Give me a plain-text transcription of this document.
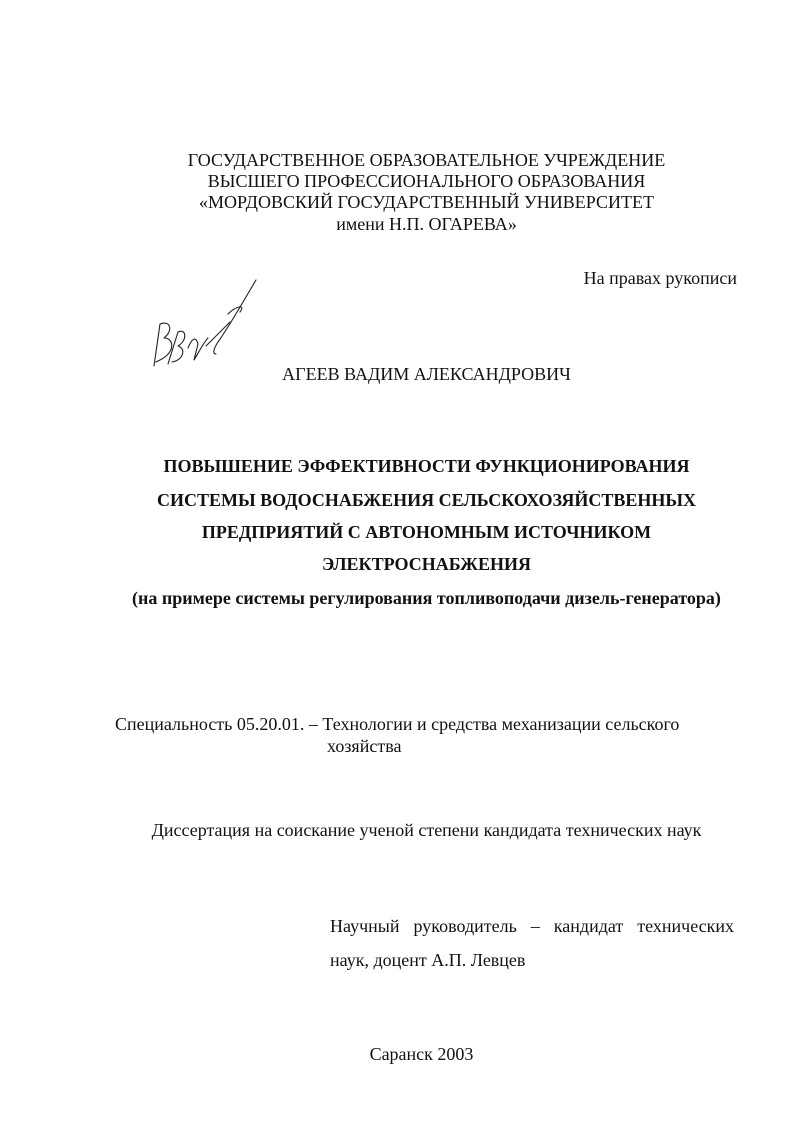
ГОСУДАРСТВЕННОЕ ОБРАЗОВАТЕЛЬНОЕ УЧРЕЖДЕНИЕ
ВЫСШЕГО ПРОФЕССИОНАЛЬНОГО ОБРАЗОВАНИЯ
«МОРДОВСКИЙ ГОСУДАРСТВЕННЫЙ УНИВЕРСИТЕТ
имени Н.П. ОГАРЕВА»
На правах рукописи
АГЕЕВ ВАДИМ АЛЕКСАНДРОВИЧ
ПОВЫШЕНИЕ ЭФФЕКТИВНОСТИ ФУНКЦИОНИРОВАНИЯ
СИСТЕМЫ ВОДОСНАБЖЕНИЯ СЕЛЬСКОХОЗЯЙСТВЕННЫХ
ПРЕДПРИЯТИЙ С АВТОНОМНЫМ ИСТОЧНИКОМ
ЭЛЕКТРОСНАБЖЕНИЯ
(на примере системы регулирования топливоподачи дизель-генератора)
Специальность 05.20.01. – Технологии и средства механизации сельского
хозяйства
Диссертация на соискание ученой степени кандидата технических наук
Научный руководитель – кандидат технических
наук, доцент А.П. Левцев
Саранск 2003
